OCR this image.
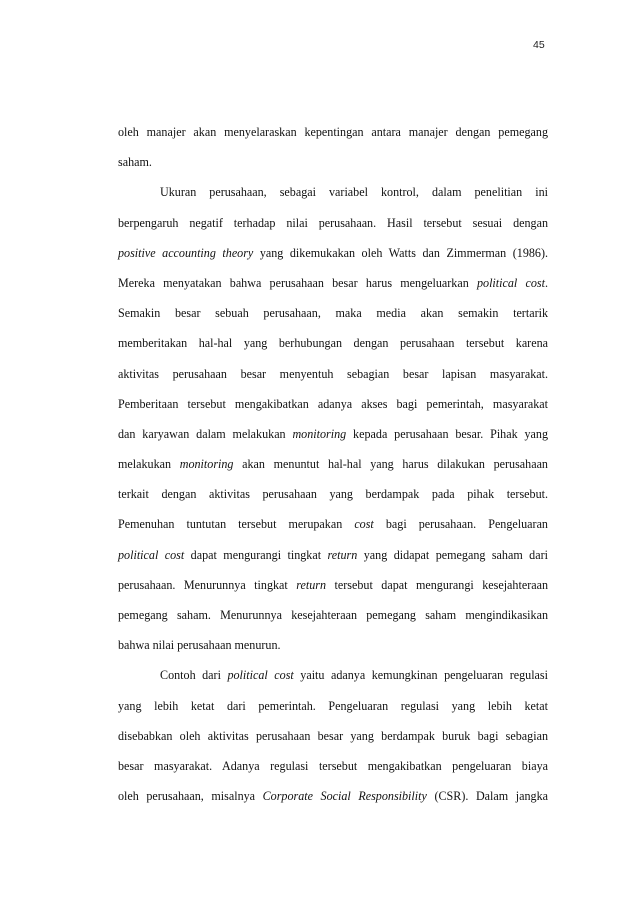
45
oleh manajer akan menyelaraskan kepentingan antara manajer dengan pemegang
saham.
Ukuran perusahaan, sebagai variabel kontrol, dalam penelitian ini
berpengaruh negatif terhadap nilai perusahaan. Hasil tersebut sesuai dengan
positive accounting theory yang dikemukakan oleh Watts dan Zimmerman (1986).
Mereka menyatakan bahwa perusahaan besar harus mengeluarkan political cost.
Semakin besar sebuah perusahaan, maka media akan semakin tertarik
memberitakan hal-hal yang berhubungan dengan perusahaan tersebut karena
aktivitas perusahaan besar menyentuh sebagian besar lapisan masyarakat.
Pemberitaan tersebut mengakibatkan adanya akses bagi pemerintah, masyarakat
dan karyawan dalam melakukan monitoring kepada perusahaan besar. Pihak yang
melakukan monitoring akan menuntut hal-hal yang harus dilakukan perusahaan
terkait dengan aktivitas perusahaan yang berdampak pada pihak tersebut.
Pemenuhan tuntutan tersebut merupakan cost bagi perusahaan. Pengeluaran
political cost dapat mengurangi tingkat return yang didapat pemegang saham dari
perusahaan. Menurunnya tingkat return tersebut dapat mengurangi kesejahteraan
pemegang saham. Menurunnya kesejahteraan pemegang saham mengindikasikan
bahwa nilai perusahaan menurun.
Contoh dari political cost yaitu adanya kemungkinan pengeluaran regulasi
yang lebih ketat dari pemerintah. Pengeluaran regulasi yang lebih ketat
disebabkan oleh aktivitas perusahaan besar yang berdampak buruk bagi sebagian
besar masyarakat. Adanya regulasi tersebut mengakibatkan pengeluaran biaya
oleh perusahaan, misalnya Corporate Social Responsibility (CSR). Dalam jangka
